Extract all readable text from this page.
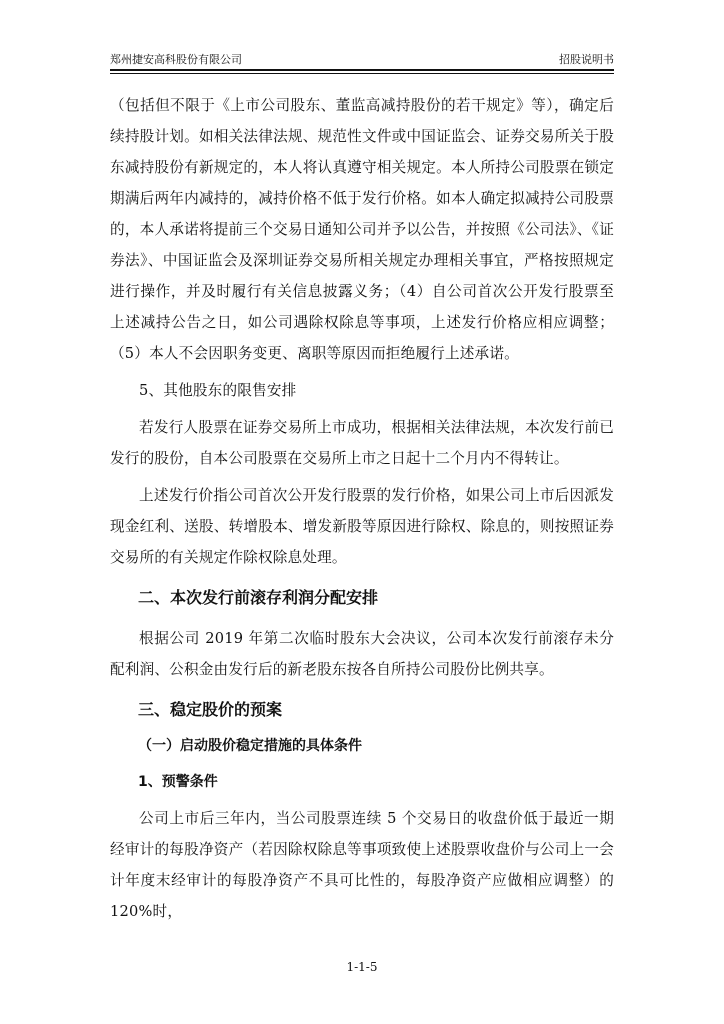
郑州捷安高科股份有限公司	招股说明书

（包括但不限于《上市公司股东、董监高减持股份的若干规定》等），确定后续持股计划。如相关法律法规、规范性文件或中国证监会、证券交易所关于股东减持股份有新规定的，本人将认真遵守相关规定。本人所持公司股票在锁定期满后两年内减持的，减持价格不低于发行价格。如本人确定拟减持公司股票的，本人承诺将提前三个交易日通知公司并予以公告，并按照《公司法》、《证券法》、中国证监会及深圳证券交易所相关规定办理相关事宜，严格按照规定进行操作，并及时履行有关信息披露义务；（4）自公司首次公开发行股票至上述减持公告之日，如公司遇除权除息等事项，上述发行价格应相应调整；（5）本人不会因职务变更、离职等原因而拒绝履行上述承诺。

5、其他股东的限售安排

若发行人股票在证券交易所上市成功，根据相关法律法规，本次发行前已发行的股份，自本公司股票在交易所上市之日起十二个月内不得转让。

上述发行价指公司首次公开发行股票的发行价格，如果公司上市后因派发现金红利、送股、转增股本、增发新股等原因进行除权、除息的，则按照证券交易所的有关规定作除权除息处理。

二、本次发行前滚存利润分配安排

根据公司 2019 年第二次临时股东大会决议，公司本次发行前滚存未分配利润、公积金由发行后的新老股东按各自所持公司股份比例共享。

三、稳定股价的预案
（一）启动股价稳定措施的具体条件
1、预警条件

公司上市后三年内，当公司股票连续 5 个交易日的收盘价低于最近一期经审计的每股净资产（若因除权除息等事项致使上述股票收盘价与公司上一会计年度末经审计的每股净资产不具可比性的，每股净资产应做相应调整）的 120%时，

1-1-5
